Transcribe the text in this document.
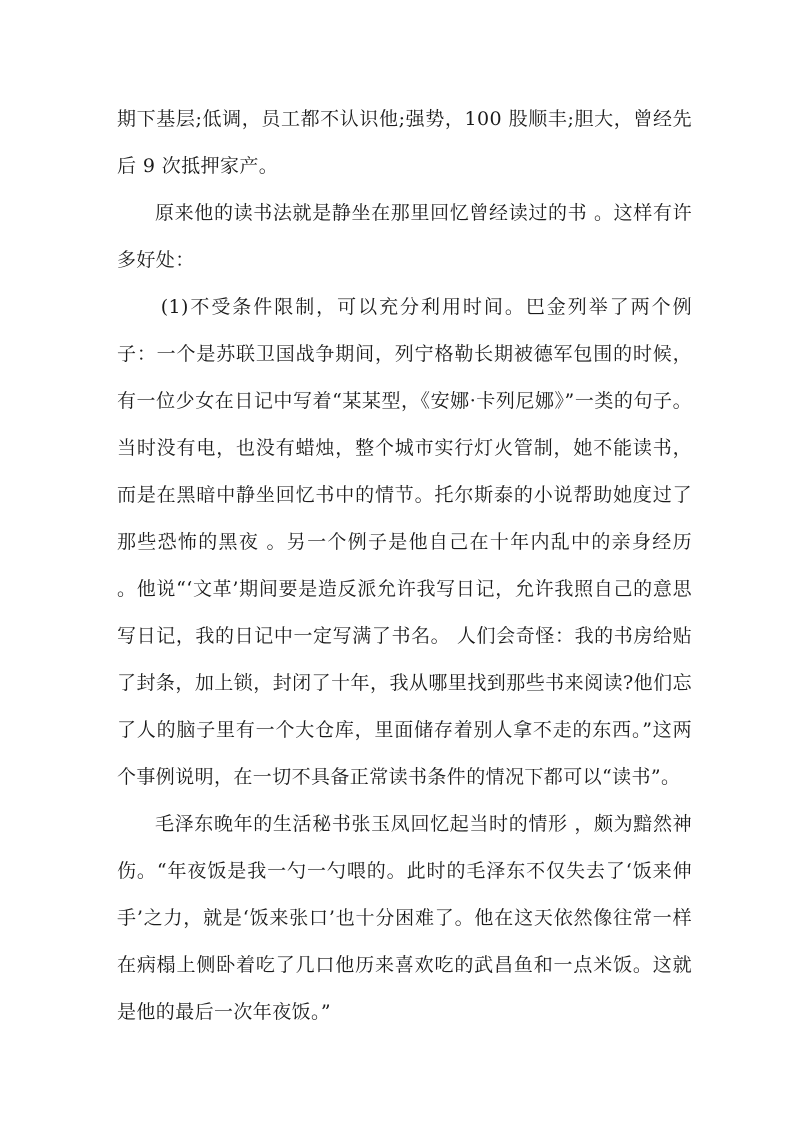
期下基层;低调，员工都不认识他;强势，100 股顺丰;胆大，曾经先后 9 次抵押家产。

原来他的读书法就是静坐在那里回忆曾经读过的书 。这样有许多好处：

(1)不受条件限制，可以充分利用时间。巴金列举了两个例子：一个是苏联卫国战争期间，列宁格勒长期被德军包围的时候，有一位少女在日记中写着“某某型，《安娜·卡列尼娜》”一类的句子。当时没有电，也没有蜡烛，整个城市实行灯火管制，她不能读书，而是在黑暗中静坐回忆书中的情节。托尔斯泰的小说帮助她度过了那些恐怖的黑夜 。另一个例子是他自己在十年内乱中的亲身经历 。他说“‘文革’期间要是造反派允许我写日记，允许我照自己的意思写日记，我的日记中一定写满了书名。 人们会奇怪：我的书房给贴了封条，加上锁，封闭了十年，我从哪里找到那些书来阅读?他们忘了人的脑子里有一个大仓库，里面储存着别人拿不走的东西。”这两个事例说明，在一切不具备正常读书条件的情况下都可以“读书”。

毛泽东晚年的生活秘书张玉凤回忆起当时的情形 ，颇为黯然神伤。“年夜饭是我一勺一勺喂的。此时的毛泽东不仅失去了‘饭来伸手’之力，就是‘饭来张口’也十分困难了。他在这天依然像往常一样在病榻上侧卧着吃了几口他历来喜欢吃的武昌鱼和一点米饭。这就是他的最后一次年夜饭。”
